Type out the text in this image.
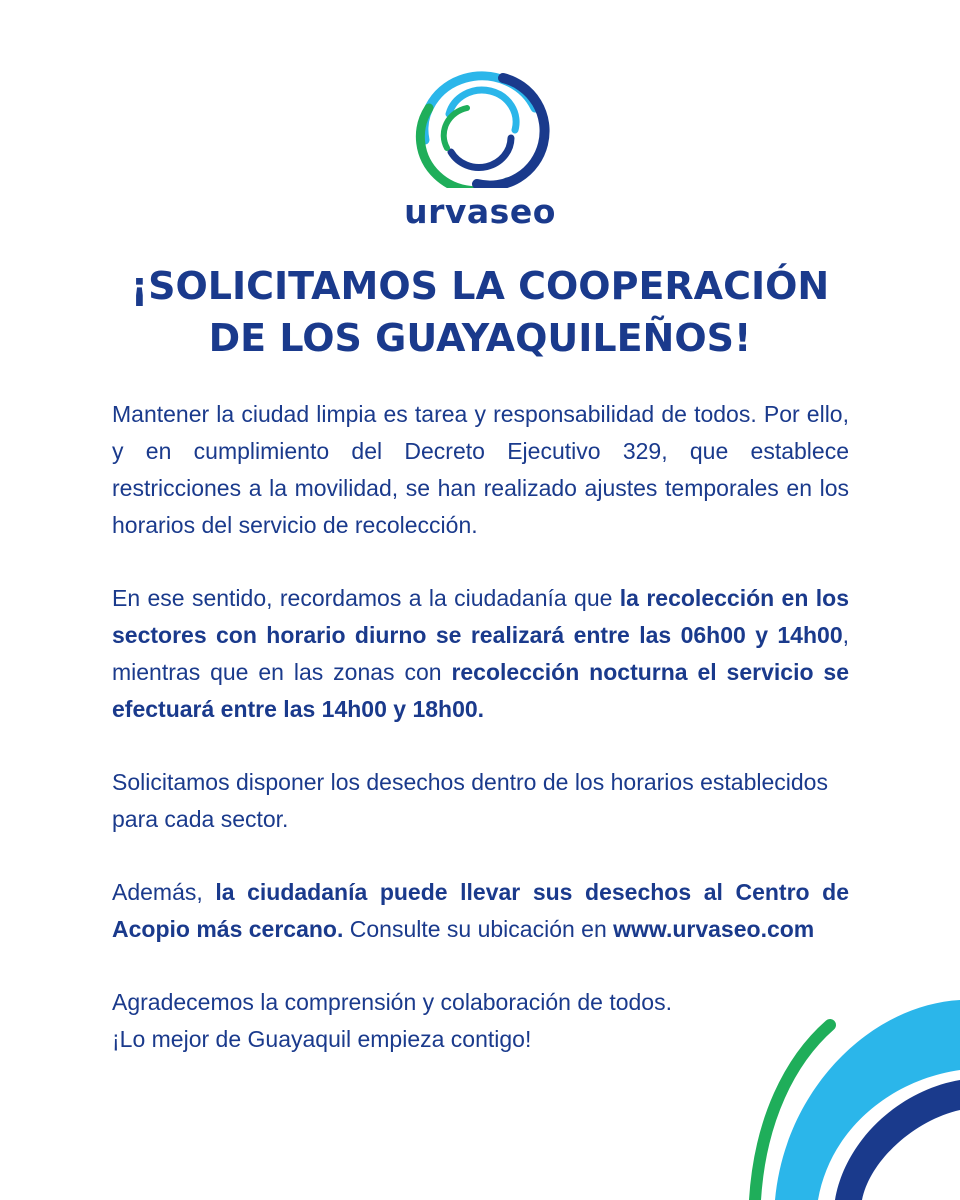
urvaseo
¡SOLICITAMOS LA COOPERACIÓN
DE LOS GUAYAQUILEÑOS!

Mantener la ciudad limpia es tarea y responsabilidad de todos. Por ello, y en cumplimiento del Decreto Ejecutivo 329, que establece restricciones a la movilidad, se han realizado ajustes temporales en los horarios del servicio de recolección.

En ese sentido, recordamos a la ciudadanía que la recolección en los sectores con horario diurno se realizará entre las 06h00 y 14h00, mientras que en las zonas con recolección nocturna el servicio se efectuará entre las 14h00 y 18h00.

Solicitamos disponer los desechos dentro de los horarios establecidos para cada sector.

Además, la ciudadanía puede llevar sus desechos al Centro de Acopio más cercano. Consulte su ubicación en www.urvaseo.com

Agradecemos la comprensión y colaboración de todos.
¡Lo mejor de Guayaquil empieza contigo!
